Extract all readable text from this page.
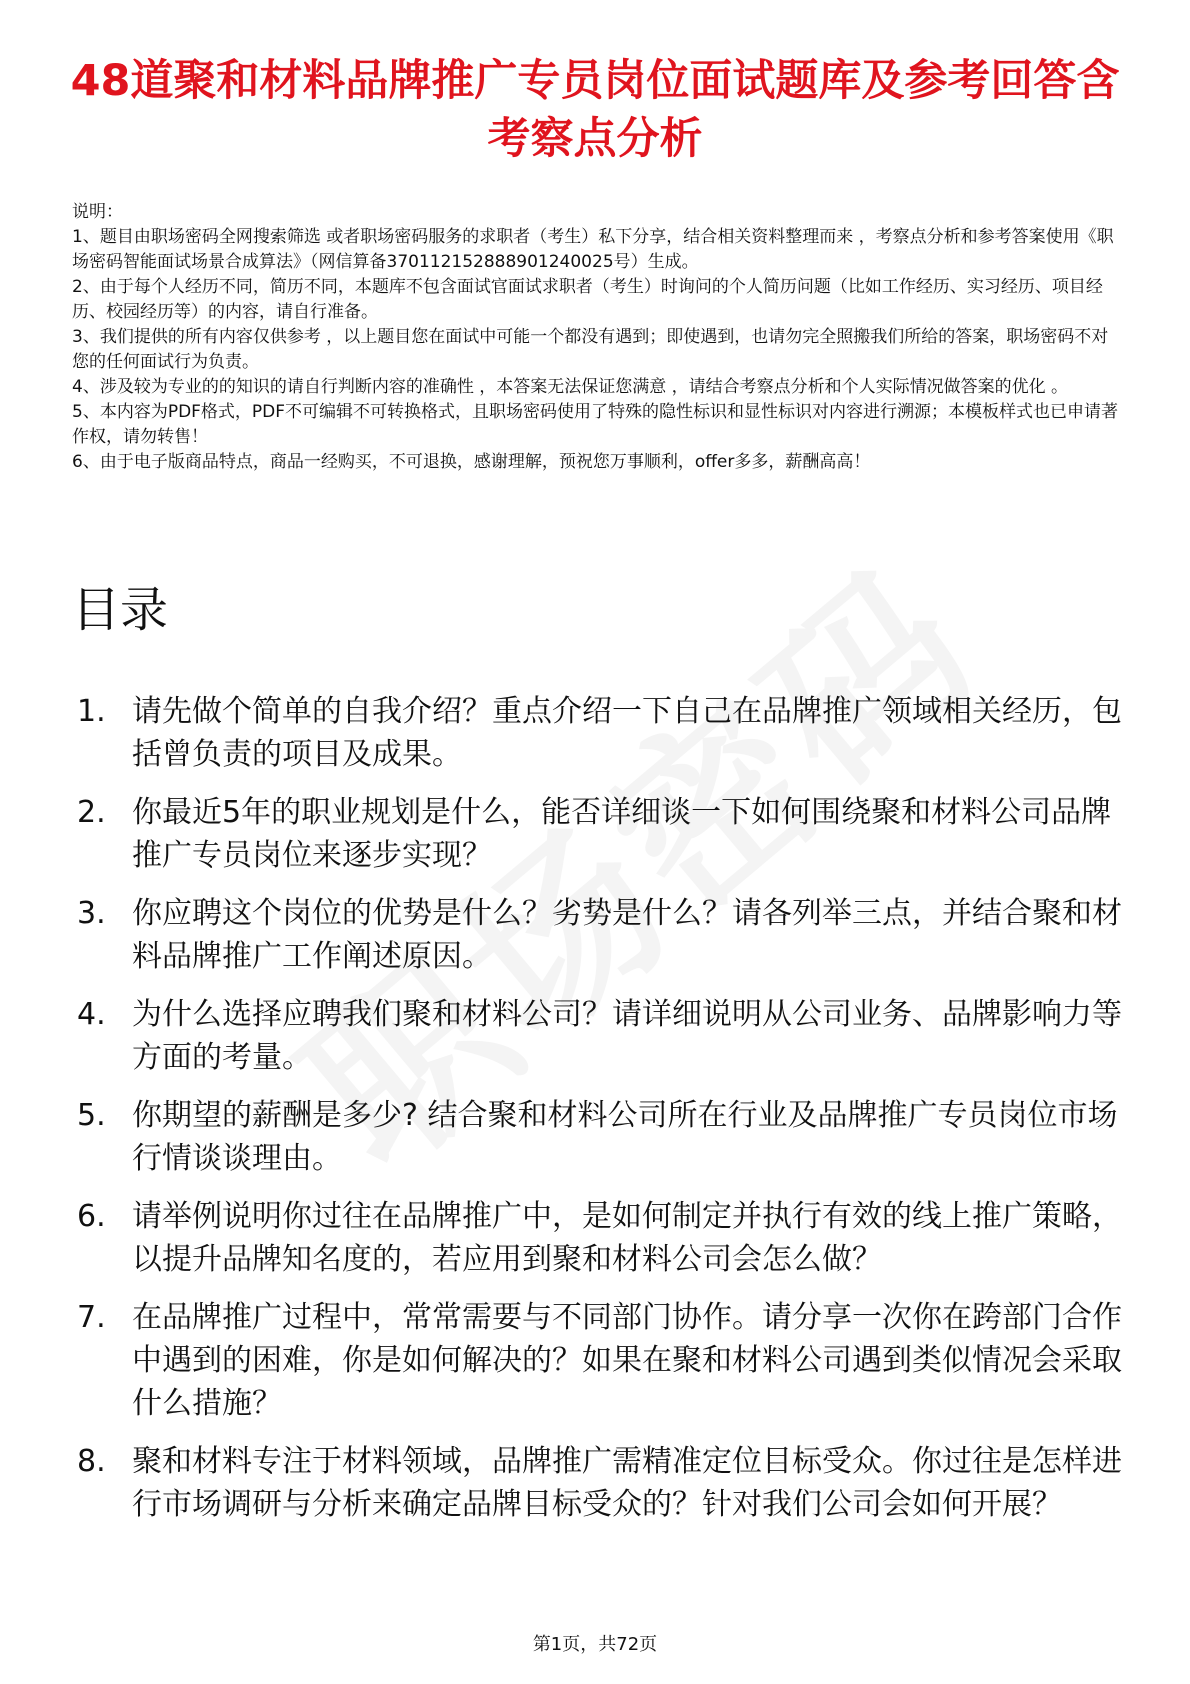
48道聚和材料品牌推广专员岗位面试题库及参考回答含考察点分析

说明：

1、题目由职场密码全网搜索筛选 或者职场密码服务的求职者（考生）私下分享，结合相关资料整理而来 ，考察点分析和参考答案使用《职场密码智能面试场景合成算法》（网信算备370112152888901240025号）生成。

2、由于每个人经历不同，简历不同，本题库不包含面试官面试求职者（考生）时询问的个人简历问题（比如工作经历、实习经历、项目经历、校园经历等）的内容，请自行准备。

3、我们提供的所有内容仅供参考 ，以上题目您在面试中可能一个都没有遇到；即使遇到，也请勿完全照搬我们所给的答案，职场密码不对您的任何面试行为负责。

4、涉及较为专业的的知识的请自行判断内容的准确性 ，本答案无法保证您满意 ，请结合考察点分析和个人实际情况做答案的优化 。

5、本内容为PDF格式，PDF不可编辑不可转换格式，且职场密码使用了特殊的隐性标识和显性标识对内容进行溯源；本模板样式也已申请著作权，请勿转售！

6、由于电子版商品特点，商品一经购买，不可退换，感谢理解，预祝您万事顺利，offer多多，薪酬高高！

目录
1. 请先做个简单的自我介绍？重点介绍一下自己在品牌推广领域相关经历，包括曾负责的项目及成果。
2. 你最近5年的职业规划是什么，能否详细谈一下如何围绕聚和材料公司品牌推广专员岗位来逐步实现？
3. 你应聘这个岗位的优势是什么？劣势是什么？请各列举三点，并结合聚和材料品牌推广工作阐述原因。
4. 为什么选择应聘我们聚和材料公司？请详细说明从公司业务、品牌影响力等方面的考量。
5. 你期望的薪酬是多少? 结合聚和材料公司所在行业及品牌推广专员岗位市场行情谈谈理由。
6. 请举例说明你过往在品牌推广中，是如何制定并执行有效的线上推广策略，以提升品牌知名度的，若应用到聚和材料公司会怎么做？
7. 在品牌推广过程中，常常需要与不同部门协作。请分享一次你在跨部门合作中遇到的困难，你是如何解决的？如果在聚和材料公司遇到类似情况会采取什么措施？
8. 聚和材料专注于材料领域，品牌推广需精准定位目标受众。你过往是怎样进行市场调研与分析来确定品牌目标受众的？针对我们公司会如何开展？
第1页，共72页
